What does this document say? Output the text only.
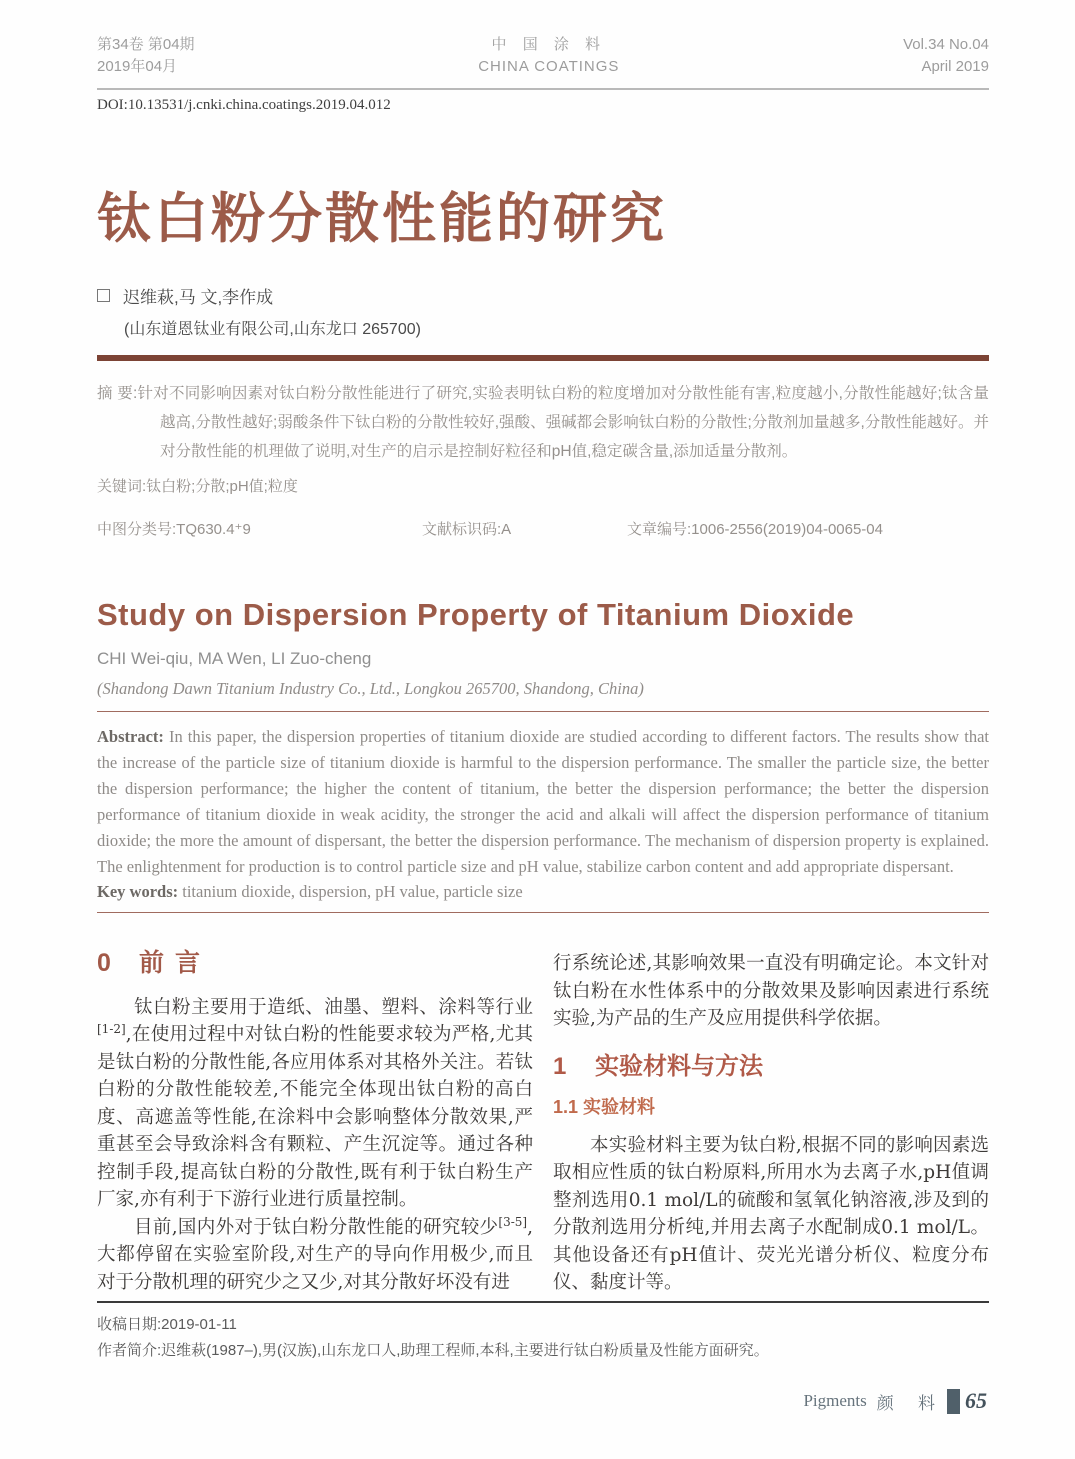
第34卷 第04期
2019年04月
中 国 涂 料
CHINA COATINGS
Vol.34 No.04
April 2019
DOI:10.13531/j.cnki.china.coatings.2019.04.012
钛白粉分散性能的研究
迟维萩,马 文,李作成
(山东道恩钛业有限公司,山东龙口 265700)
摘 要:针对不同影响因素对钛白粉分散性能进行了研究,实验表明钛白粉的粒度增加对分散性能有害,粒度越小,分散性能越好;钛含量越高,分散性越好;弱酸条件下钛白粉的分散性较好,强酸、强碱都会影响钛白粉的分散性;分散剂加量越多,分散性能越好。并对分散性能的机理做了说明,对生产的启示是控制好粒径和pH值,稳定碳含量,添加适量分散剂。
关键词:钛白粉;分散;pH值;粒度
中图分类号:TQ630.4⁺9	文献标识码:A	文章编号:1006-2556(2019)04-0065-04
Study on Dispersion Property of Titanium Dioxide
CHI Wei-qiu, MA Wen, LI Zuo-cheng
(Shandong Dawn Titanium Industry Co., Ltd., Longkou 265700, Shandong, China)
Abstract: In this paper, the dispersion properties of titanium dioxide are studied according to different factors. The results show that the increase of the particle size of titanium dioxide is harmful to the dispersion performance. The smaller the particle size, the better the dispersion performance; the higher the content of titanium, the better the dispersion performance; the better the dispersion performance of titanium dioxide in weak acidity, the stronger the acid and alkali will affect the dispersion performance of titanium dioxide; the more the amount of dispersant, the better the dispersion performance. The mechanism of dispersion property is explained. The enlightenment for production is to control particle size and pH value, stabilize carbon content and add appropriate dispersant.
Key words: titanium dioxide, dispersion, pH value, particle size
0 前 言

钛白粉主要用于造纸、油墨、塑料、涂料等行业[1-2],在使用过程中对钛白粉的性能要求较为严格,尤其是钛白粉的分散性能,各应用体系对其格外关注。若钛白粉的分散性能较差,不能完全体现出钛白粉的高白度、高遮盖等性能,在涂料中会影响整体分散效果,严重甚至会导致涂料含有颗粒、产生沉淀等。通过各种控制手段,提高钛白粉的分散性,既有利于钛白粉生产厂家,亦有利于下游行业进行质量控制。

目前,国内外对于钛白粉分散性能的研究较少[3-5],大都停留在实验室阶段,对生产的导向作用极少,而且对于分散机理的研究少之又少,对其分散好坏没有进

行系统论述,其影响效果一直没有明确定论。本文针对钛白粉在水性体系中的分散效果及影响因素进行系统实验,为产品的生产及应用提供科学依据。

1 实验材料与方法
1.1 实验材料

本实验材料主要为钛白粉,根据不同的影响因素选取相应性质的钛白粉原料,所用水为去离子水,pH值调整剂选用0.1 mol/L的硫酸和氢氧化钠溶液,涉及到的分散剂选用分析纯,并用去离子水配制成0.1 mol/L。其他设备还有pH值计、荧光光谱分析仪、粒度分布仪、黏度计等。

收稿日期:2019-01-11
作者简介:迟维萩(1987–),男(汉族),山东龙口人,助理工程师,本科,主要进行钛白粉质量及性能方面研究。
Pigments 颜 料 65
